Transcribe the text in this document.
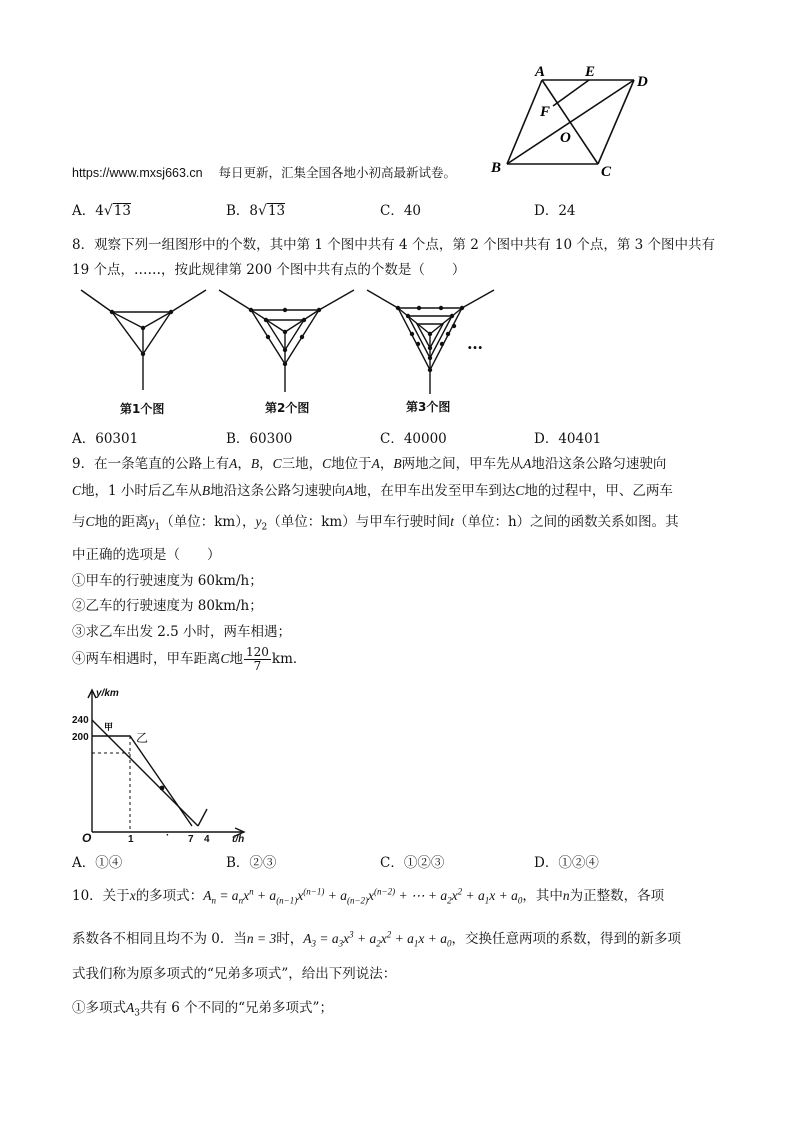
A	E
D
F
O
B	C
https://www.mxsj663.cn 每日更新，汇集全国各地小初高最新试卷。
A．4√13	B．8√13	C．40	D．24
8．观察下列一组图形中的个数，其中第 1 个图中共有 4 个点，第 2 个图中共有 10 个点，第 3 个图中共有
19 个点，……，按此规律第 200 个图中共有点的个数是（　　）
第1个图	第2个图	第3个图
…
A．60301	B．60300	C．40000	D．40401
9．在一条笔直的公路上有A，B，C三地，C地位于A，B两地之间，甲车先从A地沿这条公路匀速驶向
C地，1 小时后乙车从B地沿这条公路匀速驶向A地，在甲车出发至甲车到达C地的过程中，甲、乙两车
与C地的距离$y_1$（单位：km），$y_2$（单位：km）与甲车行驶时间t（单位：h）之间的函数关系如图。其
中正确的选项是（　　）
①甲车的行驶速度为 60km/h；
②乙车的行驶速度为 80km/h；
③求乙车出发 2.5 小时，两车相遇；
④两车相遇时，甲车距离C地 $\frac{120}{7}$ km．
y/km
240
200
甲
乙
O	1	· 7 4 t/h
A．①④	B．②③	C．①②③	D．①②④
10．关于x的多项式：$A_n = a_nx^n + a_{(n-1)}x^{(n-1)} + a_{(n-2)}x^{(n-2)}$ + ⋯ + $a_2x^2 + a_1x + a_0$，其中n为正整数，各项
系数各不相同且均不为 0．当n = 3时，$A_3 = a_3x^3 + a_2x^2 + a_1x + a_0$，交换任意两项的系数，得到的新多项
式我们称为原多项式的“兄弟多项式”，给出下列说法：
①多项式$A_3$共有 6 个不同的“兄弟多项式”；
